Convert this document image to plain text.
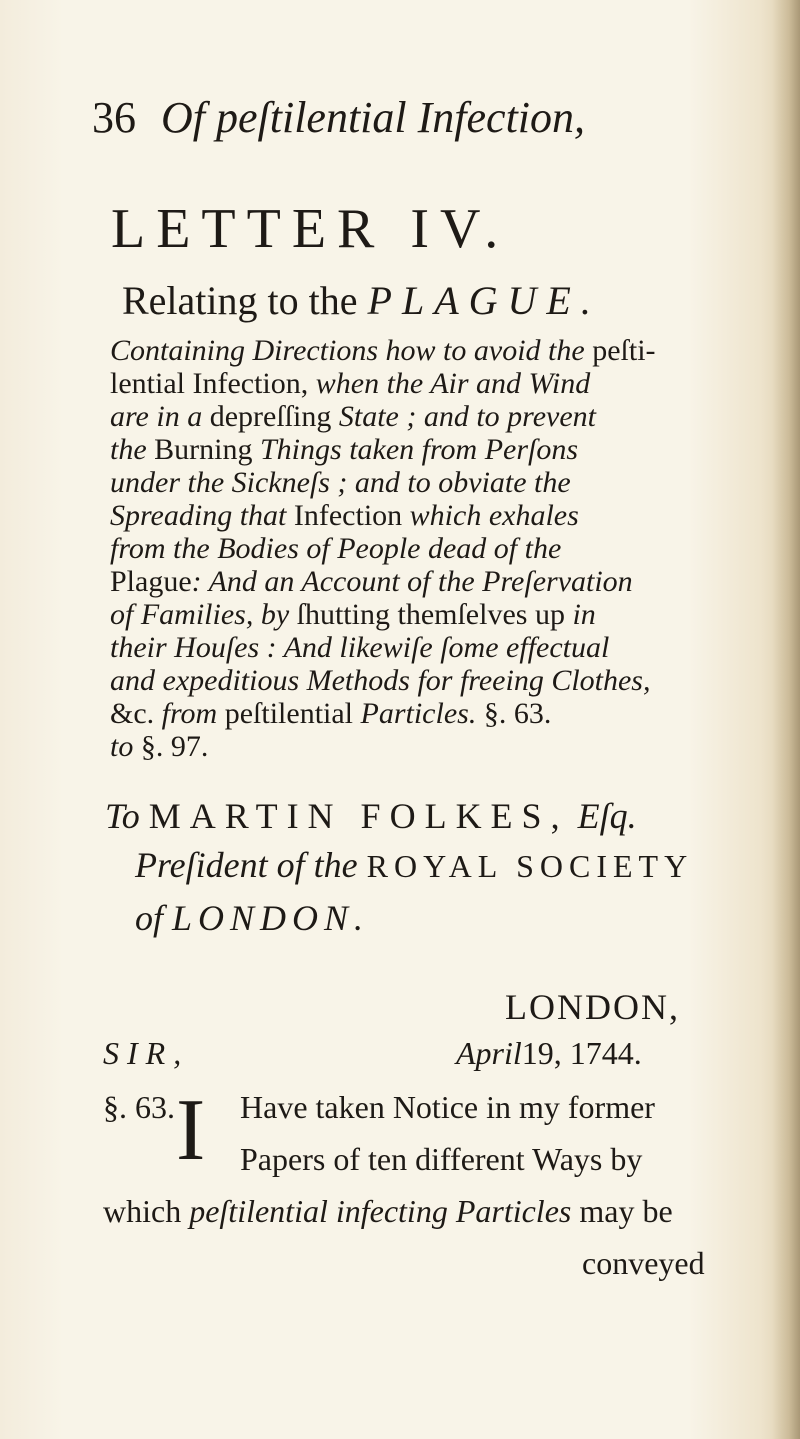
36 Of peſtilential Infection,
LETTER IV.
Relating to the PLAGUE.
Containing Directions how to avoid the peſti-
lential Infection, when the Air and Wind
are in a depreſſing State ; and to prevent
the Burning Things taken from Perſons
under the Sickneſs ; and to obviate the
Spreading that Infection which exhales
from the Bodies of People dead of the
Plague: And an Account of the Preſervation
of Families, by ſhutting themſelves up in
their Houſes : And likewiſe ſome effectual
and expeditious Methods for freeing Clothes,
&c. from peſtilential Particles. §. 63.
to §. 97.
To MARTIN FOLKES, Eſq.
Preſident of the ROYAL SOCIETY
of LONDON.
LONDON,
SIR,	April19, 1744.
§. 63. I Have taken Notice in my former
Papers of ten different Ways by
which peſtilential infecting Particles may be
conveyed
